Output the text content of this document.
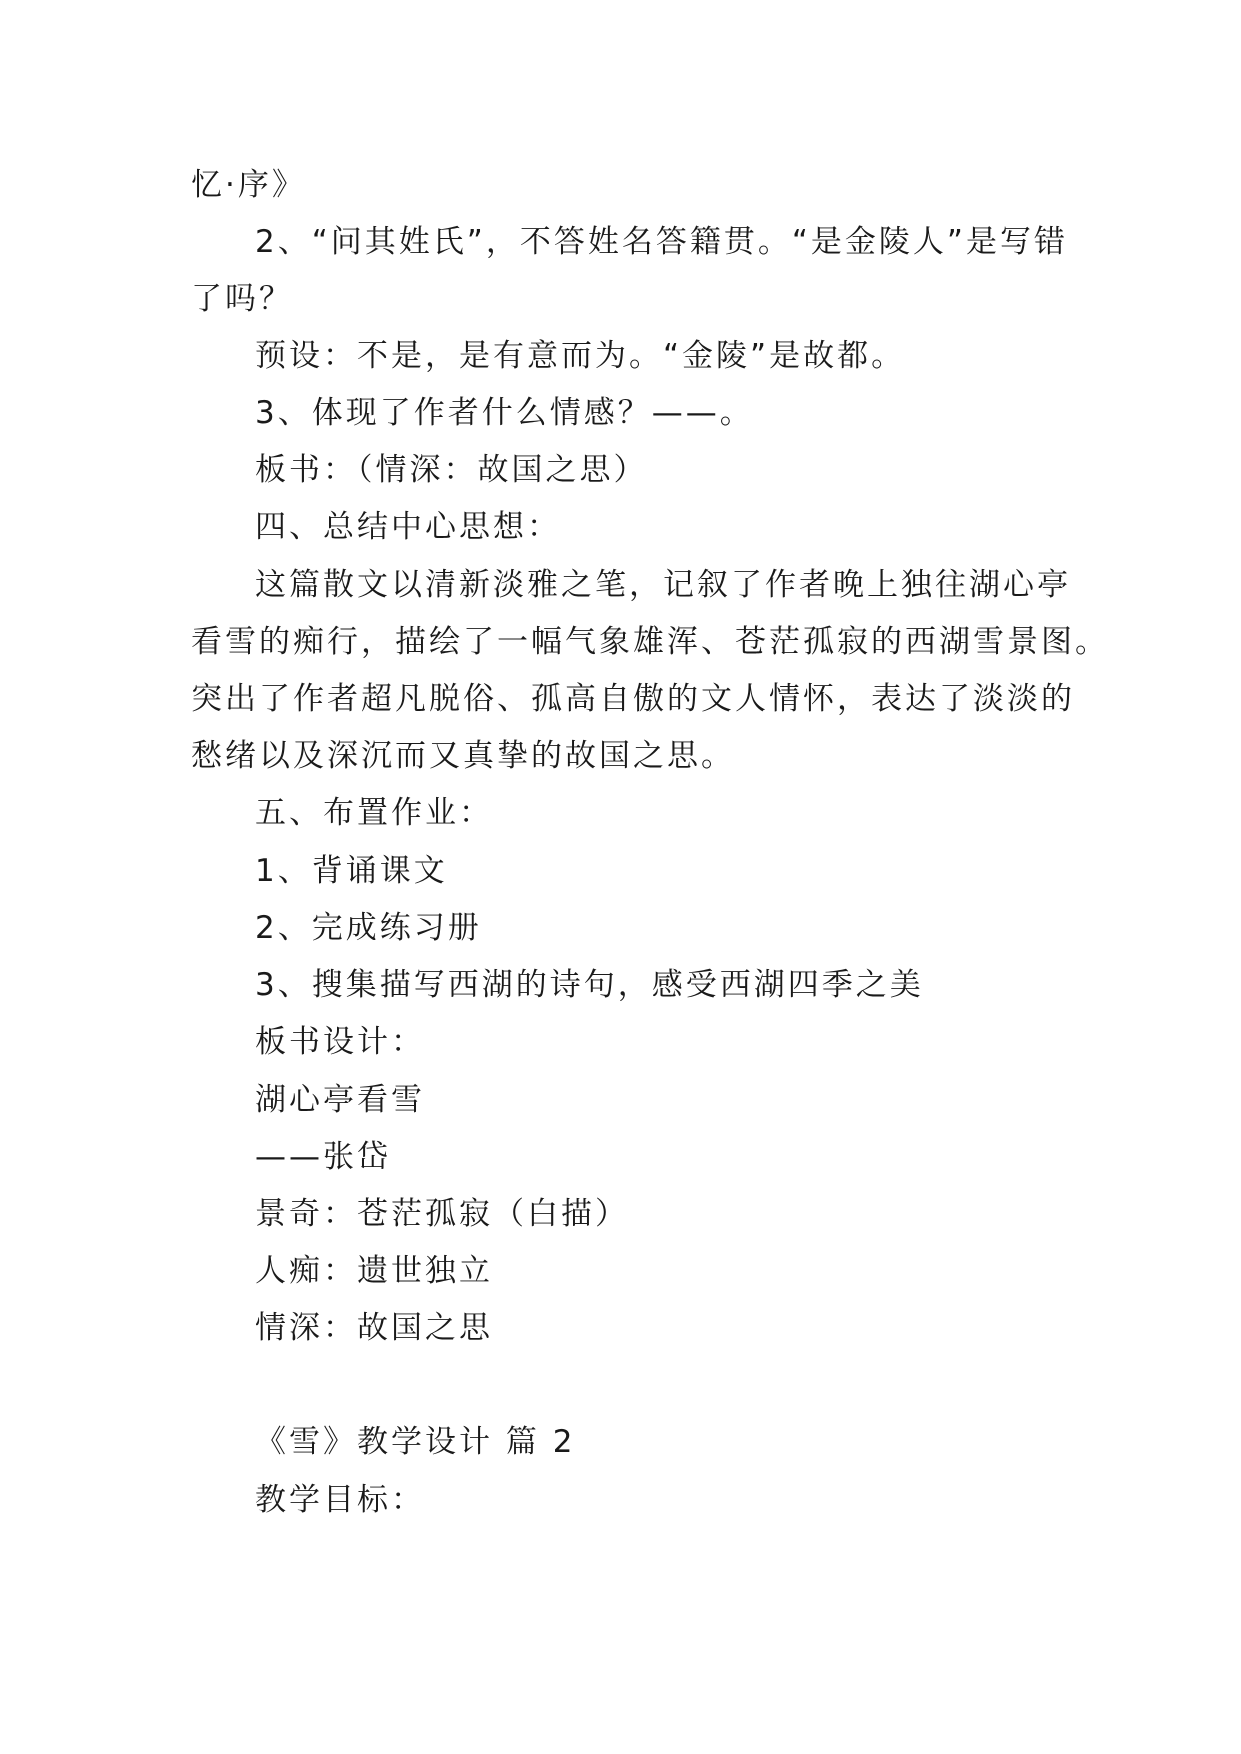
忆·序》
2、“问其姓氏”，不答姓名答籍贯。“是金陵人”是写错
了吗？
预设：不是，是有意而为。“金陵”是故都。
3、体现了作者什么情感？——。
板书：（情深：故国之思）
四、总结中心思想：
这篇散文以清新淡雅之笔，记叙了作者晚上独往湖心亭
看雪的痴行，描绘了一幅气象雄浑、苍茫孤寂的西湖雪景图。
突出了作者超凡脱俗、孤高自傲的文人情怀，表达了淡淡的
愁绪以及深沉而又真挚的故国之思。
五、布置作业：
1、背诵课文
2、完成练习册
3、搜集描写西湖的诗句，感受西湖四季之美
板书设计：
湖心亭看雪
——张岱
景奇：苍茫孤寂（白描）
人痴：遗世独立
情深：故国之思
《雪》教学设计 篇 2
教学目标：
